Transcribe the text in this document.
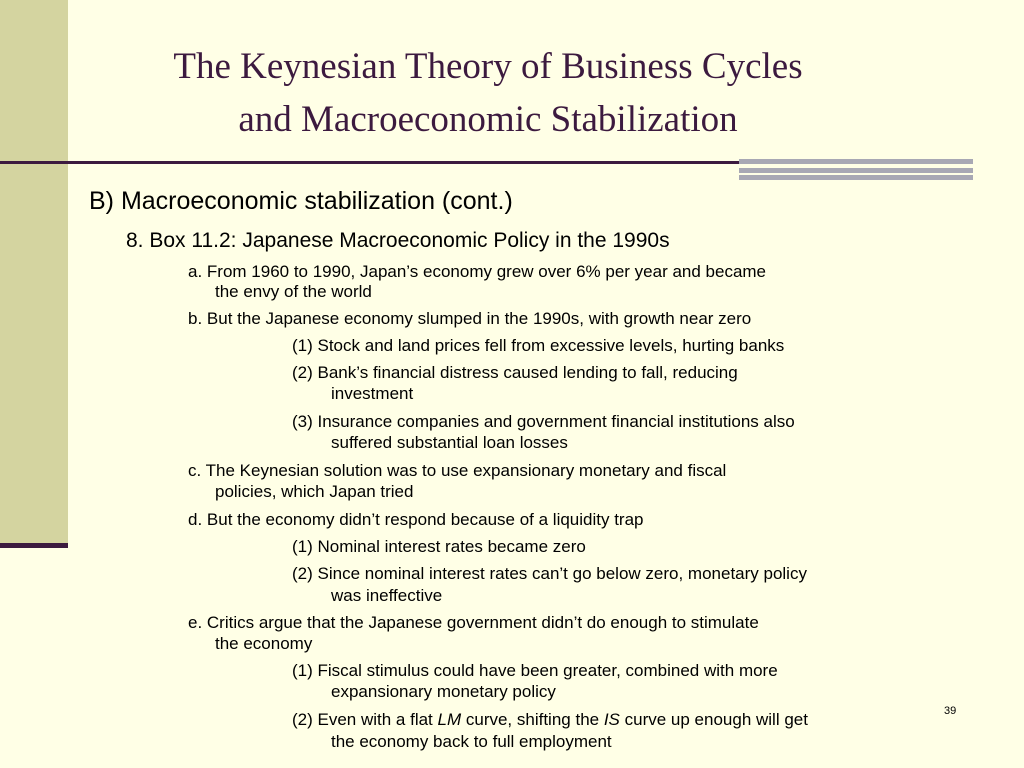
The Keynesian Theory of Business Cycles
and Macroeconomic Stabilization
B) Macroeconomic stabilization (cont.)
8. Box 11.2: Japanese Macroeconomic Policy in the 1990s
a. From 1960 to 1990, Japan’s economy grew over 6% per year and became
the envy of the world
b. But the Japanese economy slumped in the 1990s, with growth near zero
(1) Stock and land prices fell from excessive levels, hurting banks
(2) Bank’s financial distress caused lending to fall, reducing
investment
(3) Insurance companies and government financial institutions also
suffered substantial loan losses
c. The Keynesian solution was to use expansionary monetary and fiscal
policies, which Japan tried
d. But the economy didn’t respond because of a liquidity trap
(1) Nominal interest rates became zero
(2) Since nominal interest rates can’t go below zero, monetary policy
was ineffective
e. Critics argue that the Japanese government didn’t do enough to stimulate
the economy
(1) Fiscal stimulus could have been greater, combined with more
expansionary monetary policy
(2) Even with a flat LM curve, shifting the IS curve up enough will get
the economy back to full employment
39
